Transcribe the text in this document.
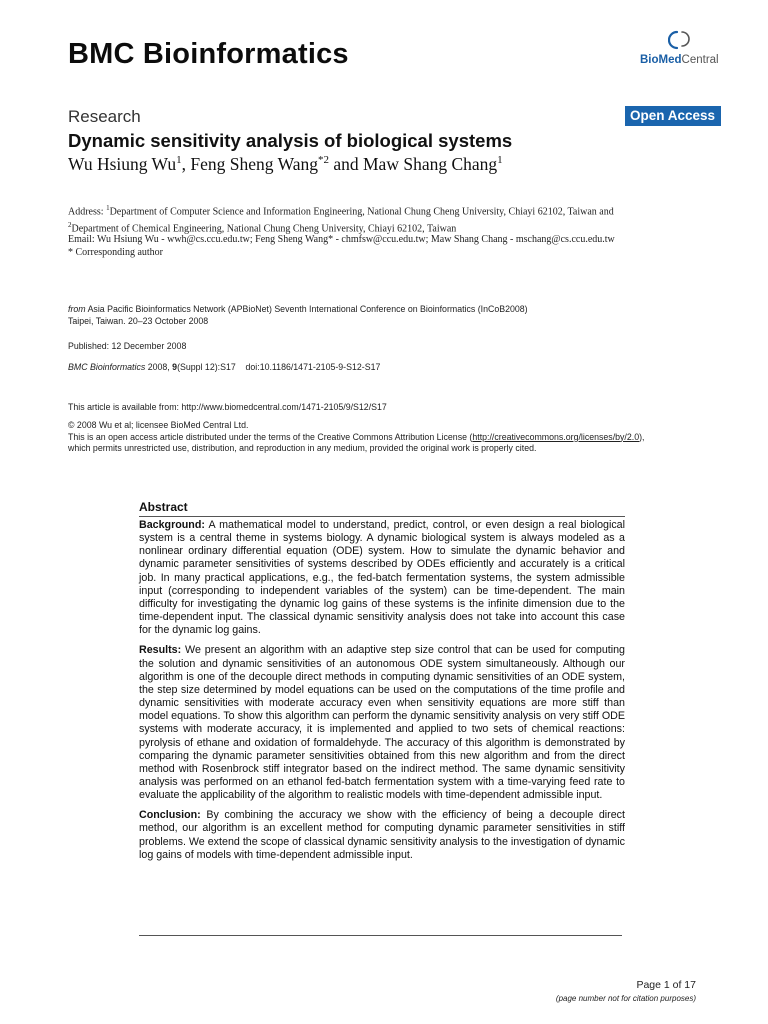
BMC Bioinformatics	BioMedCentral
Research	Open Access
Dynamic sensitivity analysis of biological systems
Wu Hsiung Wu$^1$, Feng Sheng Wang$^{*2}$ and Maw Shang Chang$^1$
Address: $^1$Department of Computer Science and Information Engineering, National Chung Cheng University, Chiayi 62102, Taiwan and
$^2$Department of Chemical Engineering, National Chung Cheng University, Chiayi 62102, Taiwan
Email: Wu Hsiung Wu - wwh@cs.ccu.edu.tw; Feng Sheng Wang* - chmfsw@ccu.edu.tw; Maw Shang Chang - mschang@cs.ccu.edu.tw
* Corresponding author
from Asia Pacific Bioinformatics Network (APBioNet) Seventh International Conference on Bioinformatics (InCoB2008)
Taipei, Taiwan. 20–23 October 2008
Published: 12 December 2008
BMC Bioinformatics 2008, 9(Suppl 12):S17    doi:10.1186/1471-2105-9-S12-S17
This article is available from: http://www.biomedcentral.com/1471-2105/9/S12/S17
© 2008 Wu et al; licensee BioMed Central Ltd.
This is an open access article distributed under the terms of the Creative Commons Attribution License (http://creativecommons.org/licenses/by/2.0),
which permits unrestricted use, distribution, and reproduction in any medium, provided the original work is properly cited.
Abstract

Background: A mathematical model to understand, predict, control, or even design a real biological system is a central theme in systems biology. A dynamic biological system is always modeled as a nonlinear ordinary differential equation (ODE) system. How to simulate the dynamic behavior and dynamic parameter sensitivities of systems described by ODEs efficiently and accurately is a critical job. In many practical applications, e.g., the fed-batch fermentation systems, the system admissible input (corresponding to independent variables of the system) can be time-dependent. The main difficulty for investigating the dynamic log gains of these systems is the infinite dimension due to the time-dependent input. The classical dynamic sensitivity analysis does not take into account this case for the dynamic log gains.

Results: We present an algorithm with an adaptive step size control that can be used for computing the solution and dynamic sensitivities of an autonomous ODE system simultaneously. Although our algorithm is one of the decouple direct methods in computing dynamic sensitivities of an ODE system, the step size determined by model equations can be used on the computations of the time profile and dynamic sensitivities with moderate accuracy even when sensitivity equations are more stiff than model equations. To show this algorithm can perform the dynamic sensitivity analysis on very stiff ODE systems with moderate accuracy, it is implemented and applied to two sets of chemical reactions: pyrolysis of ethane and oxidation of formaldehyde. The accuracy of this algorithm is demonstrated by comparing the dynamic parameter sensitivities obtained from this new algorithm and from the direct method with Rosenbrock stiff integrator based on the indirect method. The same dynamic sensitivity analysis was performed on an ethanol fed-batch fermentation system with a time-varying feed rate to evaluate the applicability of the algorithm to realistic models with time-dependent admissible input.

Conclusion: By combining the accuracy we show with the efficiency of being a decouple direct method, our algorithm is an excellent method for computing dynamic parameter sensitivities in stiff problems. We extend the scope of classical dynamic sensitivity analysis to the investigation of dynamic log gains of models with time-dependent admissible input.

Page 1 of 17
(page number not for citation purposes)
